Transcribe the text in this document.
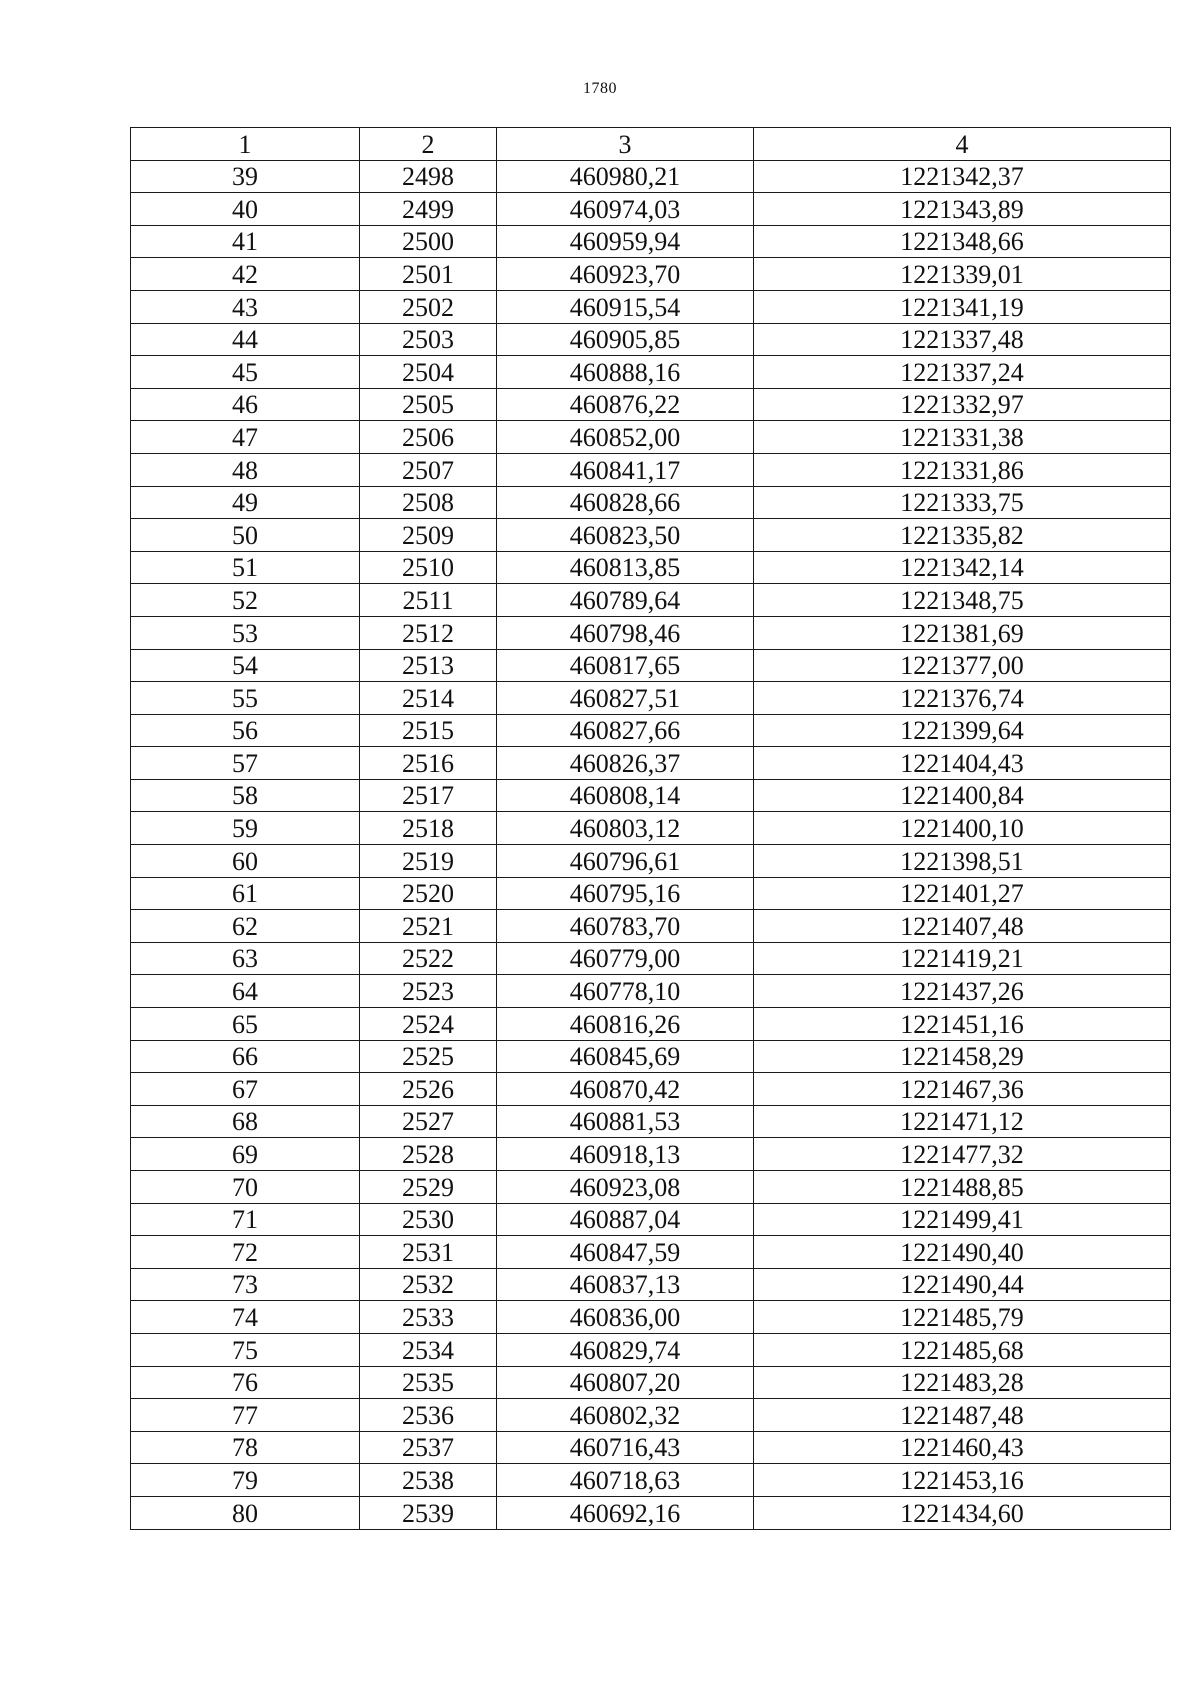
1780
1	2	3	4
39	2498	460980,21	1221342,37
40	2499	460974,03	1221343,89
41	2500	460959,94	1221348,66
42	2501	460923,70	1221339,01
43	2502	460915,54	1221341,19
44	2503	460905,85	1221337,48
45	2504	460888,16	1221337,24
46	2505	460876,22	1221332,97
47	2506	460852,00	1221331,38
48	2507	460841,17	1221331,86
49	2508	460828,66	1221333,75
50	2509	460823,50	1221335,82
51	2510	460813,85	1221342,14
52	2511	460789,64	1221348,75
53	2512	460798,46	1221381,69
54	2513	460817,65	1221377,00
55	2514	460827,51	1221376,74
56	2515	460827,66	1221399,64
57	2516	460826,37	1221404,43
58	2517	460808,14	1221400,84
59	2518	460803,12	1221400,10
60	2519	460796,61	1221398,51
61	2520	460795,16	1221401,27
62	2521	460783,70	1221407,48
63	2522	460779,00	1221419,21
64	2523	460778,10	1221437,26
65	2524	460816,26	1221451,16
66	2525	460845,69	1221458,29
67	2526	460870,42	1221467,36
68	2527	460881,53	1221471,12
69	2528	460918,13	1221477,32
70	2529	460923,08	1221488,85
71	2530	460887,04	1221499,41
72	2531	460847,59	1221490,40
73	2532	460837,13	1221490,44
74	2533	460836,00	1221485,79
75	2534	460829,74	1221485,68
76	2535	460807,20	1221483,28
77	2536	460802,32	1221487,48
78	2537	460716,43	1221460,43
79	2538	460718,63	1221453,16
80	2539	460692,16	1221434,60
